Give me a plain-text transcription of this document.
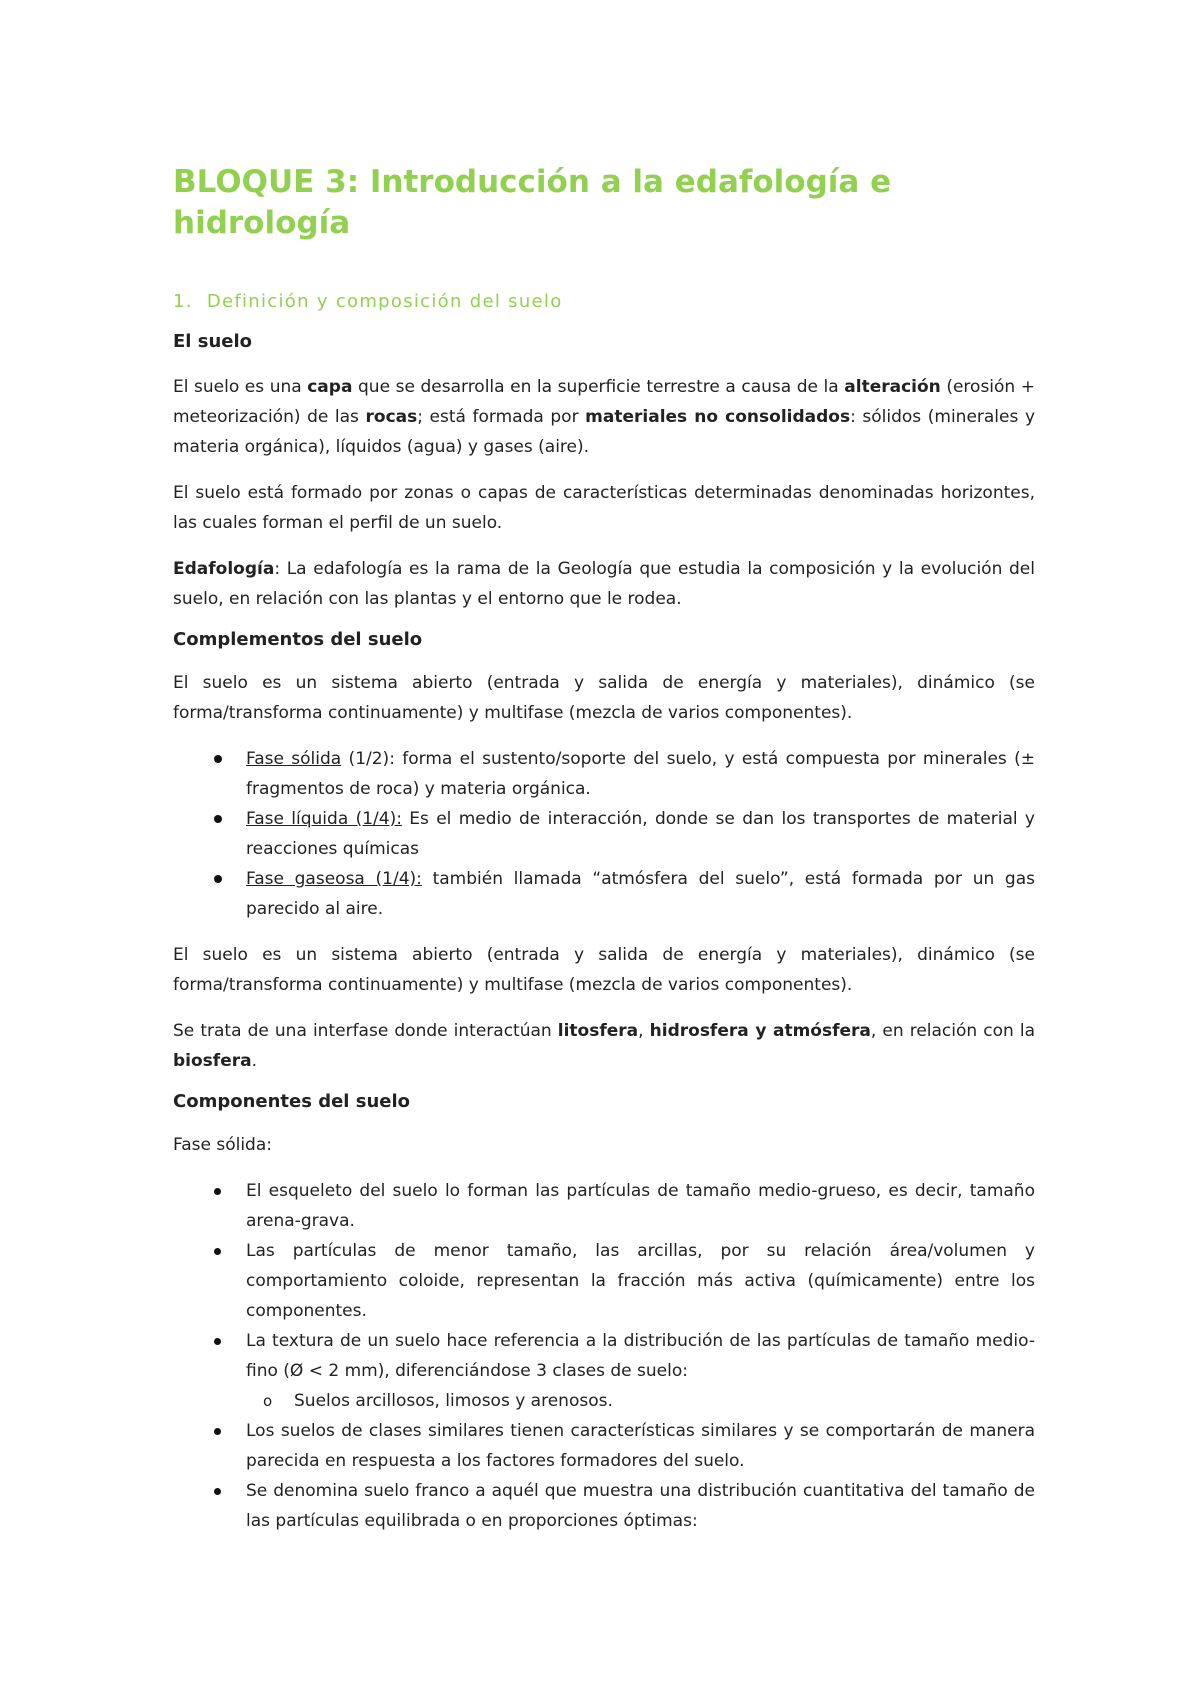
BLOQUE 3: Introducción a la edafología e hidrología
1. Definición y composición del suelo
El suelo

El suelo es una capa que se desarrolla en la superficie terrestre a causa de la alteración (erosión + meteorización) de las rocas; está formada por materiales no consolidados: sólidos (minerales y materia orgánica), líquidos (agua) y gases (aire).

El suelo está formado por zonas o capas de características determinadas denominadas horizontes, las cuales forman el perfil de un suelo.

Edafología: La edafología es la rama de la Geología que estudia la composición y la evolución del suelo, en relación con las plantas y el entorno que le rodea.

Complementos del suelo

El suelo es un sistema abierto (entrada y salida de energía y materiales), dinámico (se forma/transforma continuamente) y multifase (mezcla de varios componentes).

Fase sólida (1/2): forma el sustento/soporte del suelo, y está compuesta por minerales (± fragmentos de roca) y materia orgánica.
Fase líquida (1/4): Es el medio de interacción, donde se dan los transportes de material y reacciones químicas
Fase gaseosa (1/4): también llamada “atmósfera del suelo”, está formada por un gas parecido al aire.

El suelo es un sistema abierto (entrada y salida de energía y materiales), dinámico (se forma/transforma continuamente) y multifase (mezcla de varios componentes).

Se trata de una interfase donde interactúan litosfera, hidrosfera y atmósfera, en relación con la biosfera.

Componentes del suelo

Fase sólida:

El esqueleto del suelo lo forman las partículas de tamaño medio-grueso, es decir, tamaño arena-grava.
Las partículas de menor tamaño, las arcillas, por su relación área/volumen y comportamiento coloide, representan la fracción más activa (químicamente) entre los componentes.
La textura de un suelo hace referencia a la distribución de las partículas de tamaño medio-fino (Ø < 2 mm), diferenciándose 3 clases de suelo:
o Suelos arcillosos, limosos y arenosos.
Los suelos de clases similares tienen características similares y se comportarán de manera parecida en respuesta a los factores formadores del suelo.
Se denomina suelo franco a aquél que muestra una distribución cuantitativa del tamaño de las partículas equilibrada o en proporciones óptimas:
